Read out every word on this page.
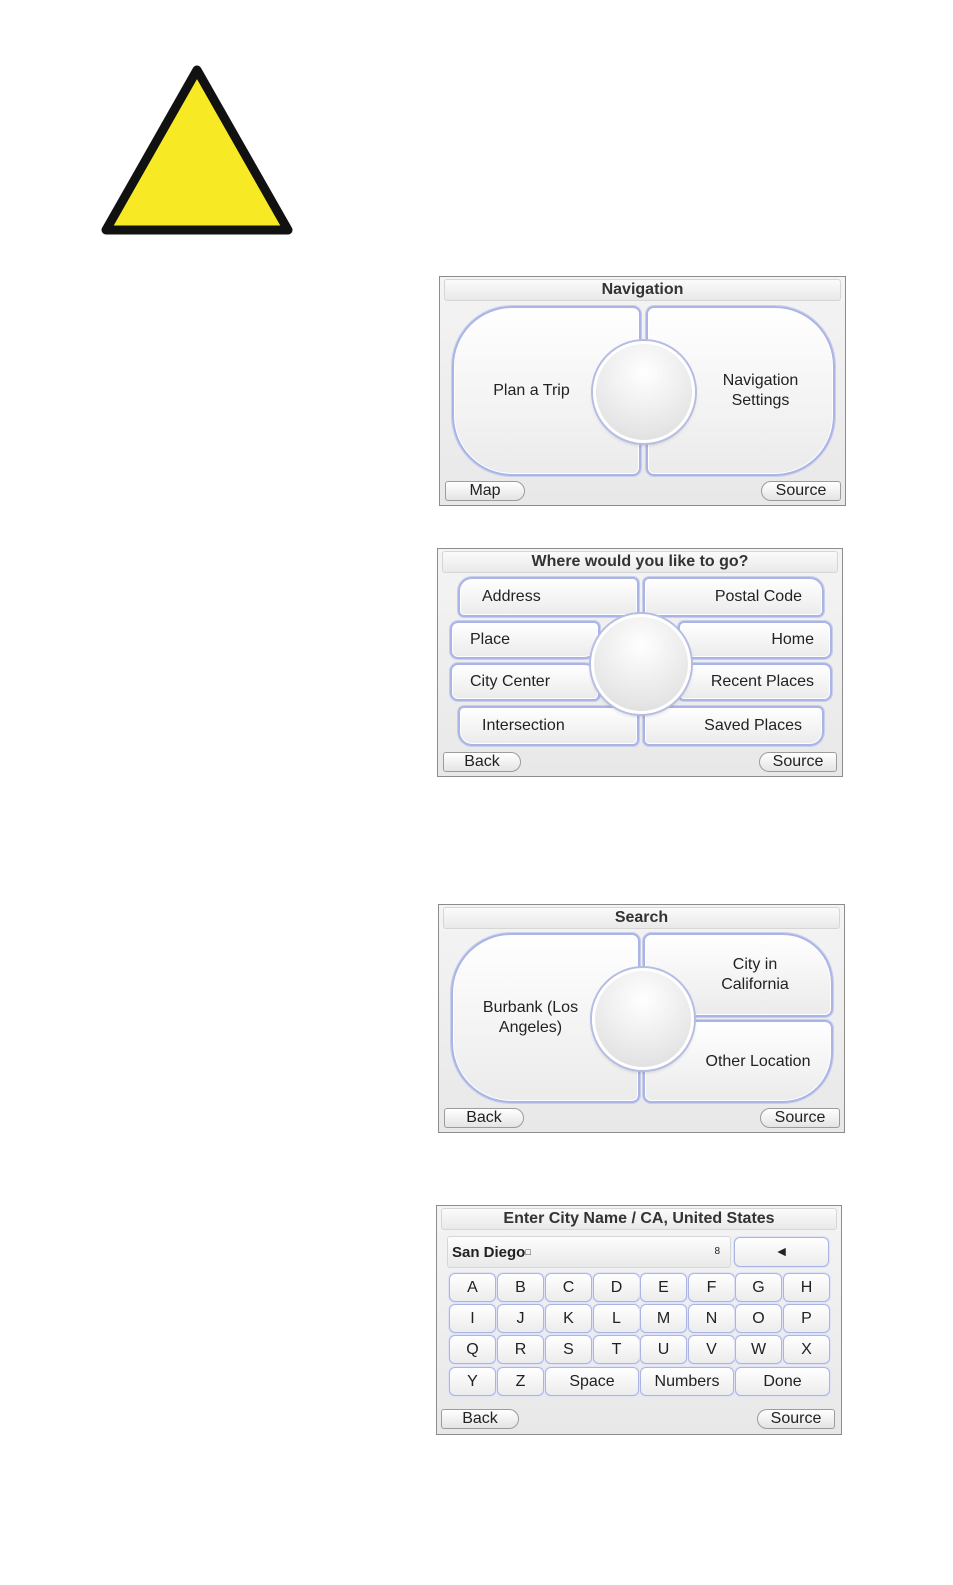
Navigation
Plan a Trip
Navigation
Settings
Map	Source
Where would you like to go?
Address	Postal Code
Place	Home
City Center	Recent Places
Intersection	Saved Places
Back	Source
Search
Burbank (Los
Angeles)
City in
California
Other Location
Back	Source
Enter City Name / CA, United States
San Diego□	8	◄
A	B	C	D	E	F	G	H
I	J	K	L	M	N	O	P
Q	R	S	T	U	V	W	X
Y	Z	Space	Numbers	Done
Back	Source
